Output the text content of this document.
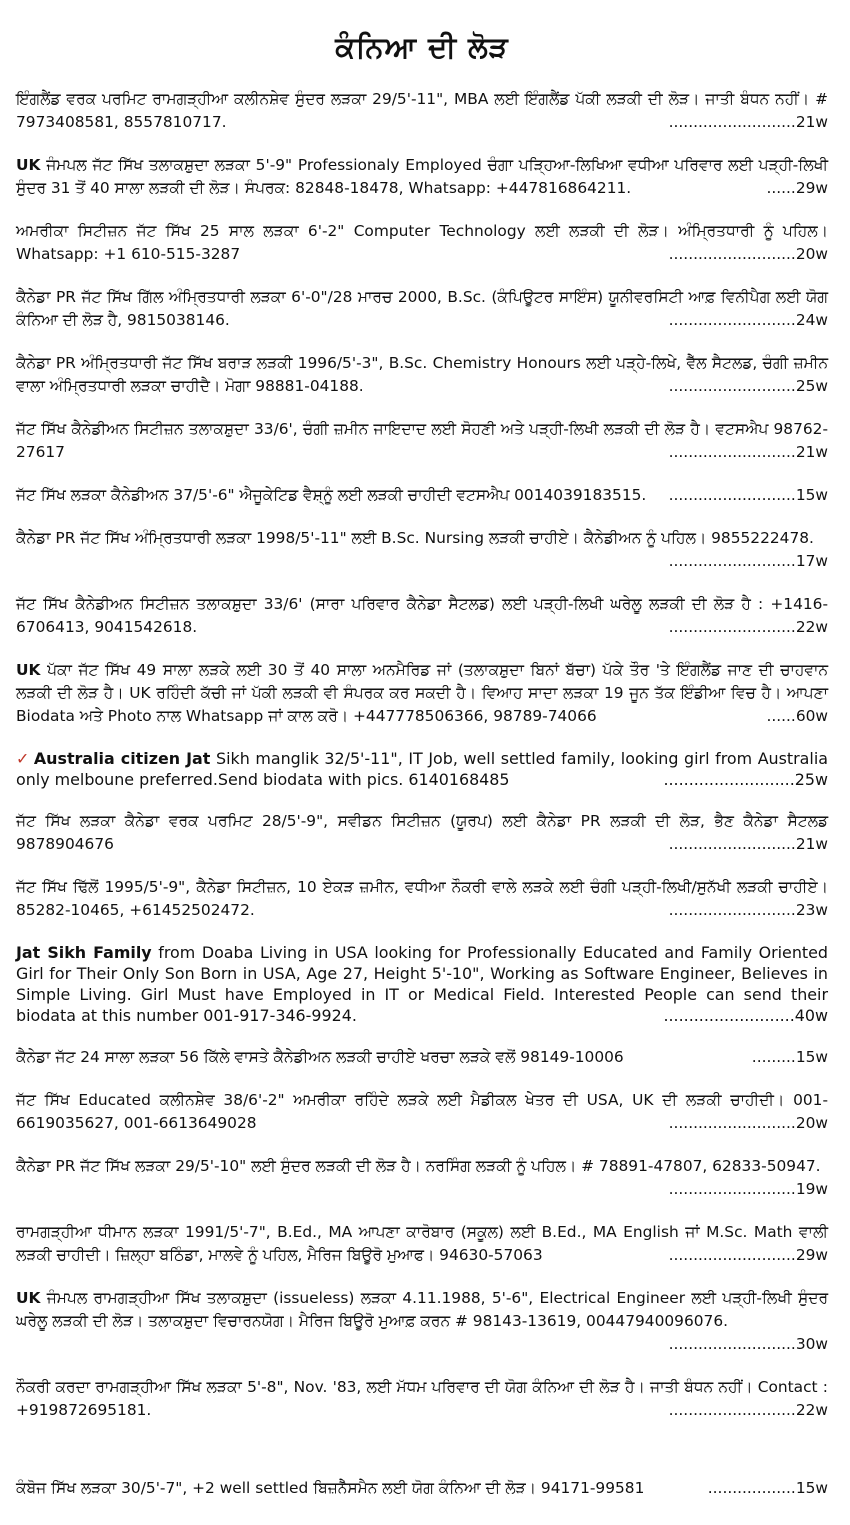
ਕੰਨਿਆ ਦੀ ਲੋੜ
ਇੰਗਲੈਂਡ ਵਰਕ ਪਰਮਿਟ ਰਾਮਗੜ੍ਹੀਆ ਕਲੀਨਸ਼ੇਵ ਸੁੰਦਰ ਲੜਕਾ 29/5'-11", MBA ਲਈ ਇੰਗਲੈਂਡ ਪੱਕੀ ਲੜਕੀ ਦੀ ਲੋੜ। ਜਾਤੀ ਬੰਧਨ ਨਹੀਂ। # 7973408581, 8557810717.	..........................21w
UK ਜੰਮਪਲ ਜੱਟ ਸਿੱਖ ਤਲਾਕਸ਼ੁਦਾ ਲੜਕਾ 5'-9" Professionaly Employed ਚੰਗਾ ਪੜ੍ਹਿਆ-ਲਿਖਿਆ ਵਧੀਆ ਪਰਿਵਾਰ ਲਈ ਪੜ੍ਹੀ-ਲਿਖੀ ਸੁੰਦਰ 31 ਤੋਂ 40 ਸਾਲਾ ਲੜਕੀ ਦੀ ਲੋੜ। ਸੰਪਰਕ: 82848-18478, Whatsapp: +447816864211.	......29w
ਅਮਰੀਕਾ ਸਿਟੀਜ਼ਨ ਜੱਟ ਸਿੱਖ 25 ਸਾਲ ਲੜਕਾ 6'-2" Computer Technology ਲਈ ਲੜਕੀ ਦੀ ਲੋੜ। ਅੰਮ੍ਰਿਤਧਾਰੀ ਨੂੰ ਪਹਿਲ। Whatsapp: +1 610-515-3287	..........................20w
ਕੈਨੇਡਾ PR ਜੱਟ ਸਿੱਖ ਗਿੱਲ ਅੰਮ੍ਰਿਤਧਾਰੀ ਲੜਕਾ 6'-0"/28 ਮਾਰਚ 2000, B.Sc. (ਕੰਪਿਊਟਰ ਸਾਇੰਸ) ਯੂਨੀਵਰਸਿਟੀ ਆਫ਼ ਵਿਨੀਪੈਗ ਲਈ ਯੋਗ ਕੰਨਿਆ ਦੀ ਲੋੜ ਹੈ, 9815038146.	..........................24w
ਕੈਨੇਡਾ PR ਅੰਮ੍ਰਿਤਧਾਰੀ ਜੱਟ ਸਿੱਖ ਬਰਾੜ ਲੜਕੀ 1996/5'-3", B.Sc. Chemistry Honours ਲਈ ਪੜ੍ਹੇ-ਲਿਖੇ, ਵੈੱਲ ਸੈਟਲਡ, ਚੰਗੀ ਜ਼ਮੀਨ ਵਾਲਾ ਅੰਮ੍ਰਿਤਧਾਰੀ ਲੜਕਾ ਚਾਹੀਦੈ। ਮੋਗਾ 98881-04188.	..........................25w
ਜੱਟ ਸਿੱਖ ਕੈਨੇਡੀਅਨ ਸਿਟੀਜ਼ਨ ਤਲਾਕਸ਼ੁਦਾ 33/6', ਚੰਗੀ ਜ਼ਮੀਨ ਜਾਇਦਾਦ ਲਈ ਸੋਹਣੀ ਅਤੇ ਪੜ੍ਹੀ-ਲਿਖੀ ਲੜਕੀ ਦੀ ਲੋੜ ਹੈ। ਵਟਸਐਪ 98762-27617	..........................21w
ਜੱਟ ਸਿੱਖ ਲੜਕਾ ਕੈਨੇਡੀਅਨ 37/5'-6" ਐਜੂਕੇਟਿਡ ਵੈਸ਼੍ਨੂੰ ਲਈ ਲੜਕੀ ਚਾਹੀਦੀ ਵਟਸਐਪ 0014039183515. ..........................15w
ਕੈਨੇਡਾ PR ਜੱਟ ਸਿੱਖ ਅੰਮ੍ਰਿਤਧਾਰੀ ਲੜਕਾ 1998/5'-11" ਲਈ B.Sc. Nursing ਲੜਕੀ ਚਾਹੀਏ। ਕੈਨੇਡੀਅਨ ਨੂੰ ਪਹਿਲ। 9855222478.
..........................17w
ਜੱਟ ਸਿੱਖ ਕੈਨੇਡੀਅਨ ਸਿਟੀਜ਼ਨ ਤਲਾਕਸ਼ੁਦਾ 33/6' (ਸਾਰਾ ਪਰਿਵਾਰ ਕੈਨੇਡਾ ਸੈਟਲਡ) ਲਈ ਪੜ੍ਹੀ-ਲਿਖੀ ਘਰੇਲੂ ਲੜਕੀ ਦੀ ਲੋੜ ਹੈ : +1416-6706413, 9041542618.	..........................22w
UK ਪੱਕਾ ਜੱਟ ਸਿੱਖ 49 ਸਾਲਾ ਲੜਕੇ ਲਈ 30 ਤੋਂ 40 ਸਾਲਾ ਅਨਮੈਰਿਡ ਜਾਂ (ਤਲਾਕਸ਼ੁਦਾ ਬਿਨਾਂ ਬੱਚਾ) ਪੱਕੇ ਤੌਰ 'ਤੇ ਇੰਗਲੈਂਡ ਜਾਣ ਦੀ ਚਾਹਵਾਨ ਲੜਕੀ ਦੀ ਲੋੜ ਹੈ। UK ਰਹਿੰਦੀ ਕੱਚੀ ਜਾਂ ਪੱਕੀ ਲੜਕੀ ਵੀ ਸੰਪਰਕ ਕਰ ਸਕਦੀ ਹੈ। ਵਿਆਹ ਸਾਦਾ ਲੜਕਾ 19 ਜੂਨ ਤੱਕ ਇੰਡੀਆ ਵਿਚ ਹੈ। ਆਪਣਾ Biodata ਅਤੇ Photo ਨਾਲ Whatsapp ਜਾਂ ਕਾਲ ਕਰੋ। +447778506366, 98789-74066	......60w
✓ Australia citizen Jat Sikh manglik 32/5'-11", IT Job, well settled family, looking girl from Australia only melboune preferred.Send biodata with pics. 6140168485	..........................25w
ਜੱਟ ਸਿੱਖ ਲੜਕਾ ਕੈਨੇਡਾ ਵਰਕ ਪਰਮਿਟ 28/5'-9", ਸਵੀਡਨ ਸਿਟੀਜ਼ਨ (ਯੂਰਪ) ਲਈ ਕੈਨੇਡਾ PR ਲੜਕੀ ਦੀ ਲੋੜ, ਭੈਣ ਕੈਨੇਡਾ ਸੈਟਲਡ 9878904676	..........................21w
ਜੱਟ ਸਿੱਖ ਢਿੱਲੋਂ 1995/5'-9", ਕੈਨੇਡਾ ਸਿਟੀਜ਼ਨ, 10 ਏਕੜ ਜ਼ਮੀਨ, ਵਧੀਆ ਨੌਕਰੀ ਵਾਲੇ ਲੜਕੇ ਲਈ ਚੰਗੀ ਪੜ੍ਹੀ-ਲਿਖੀ/ਸੁਨੱਖੀ ਲੜਕੀ ਚਾਹੀਏ। 85282-10465, +61452502472.	..........................23w
Jat Sikh Family from Doaba Living in USA looking for Professionally Educated and Family Oriented Girl for Their Only Son Born in USA, Age 27, Height 5'-10", Working as Software Engineer, Believes in Simple Living. Girl Must have Employed in IT or Medical Field. Interested People can send their biodata at this number 001-917-346-9924.	..........................40w
ਕੈਨੇਡਾ ਜੱਟ 24 ਸਾਲਾ ਲੜਕਾ 56 ਕਿੱਲੇ ਵਾਸਤੇ ਕੈਨੇਡੀਅਨ ਲੜਕੀ ਚਾਹੀਏ ਖਰਚਾ ਲੜਕੇ ਵਲੋਂ 98149-10006	.........15w
ਜੱਟ ਸਿੱਖ Educated ਕਲੀਨਸ਼ੇਵ 38/6'-2" ਅਮਰੀਕਾ ਰਹਿੰਦੇ ਲੜਕੇ ਲਈ ਮੈਡੀਕਲ ਖੇਤਰ ਦੀ USA, UK ਦੀ ਲੜਕੀ ਚਾਹੀਦੀ। 001-6619035627, 001-6613649028	..........................20w
ਕੈਨੇਡਾ PR ਜੱਟ ਸਿੱਖ ਲੜਕਾ 29/5'-10" ਲਈ ਸੁੰਦਰ ਲੜਕੀ ਦੀ ਲੋੜ ਹੈ। ਨਰਸਿੰਗ ਲੜਕੀ ਨੂੰ ਪਹਿਲ। # 78891-47807, 62833-50947.
..........................19w
ਰਾਮਗੜ੍ਹੀਆ ਧੀਮਾਨ ਲੜਕਾ 1991/5'-7", B.Ed., MA ਆਪਣਾ ਕਾਰੋਬਾਰ (ਸਕੂਲ) ਲਈ B.Ed., MA English ਜਾਂ M.Sc. Math ਵਾਲੀ ਲੜਕੀ ਚਾਹੀਦੀ। ਜ਼ਿਲ੍ਹਾ ਬਠਿੰਡਾ, ਮਾਲਵੇ ਨੂੰ ਪਹਿਲ, ਮੈਰਿਜ ਬਿਊਰੋ ਮੁਆਫ। 94630-57063	..........................29w
UK ਜੰਮਪਲ ਰਾਮਗੜ੍ਹੀਆ ਸਿੱਖ ਤਲਾਕਸ਼ੁਦਾ (issueless) ਲੜਕਾ 4.11.1988, 5'-6", Electrical Engineer ਲਈ ਪੜ੍ਹੀ-ਲਿਖੀ ਸੁੰਦਰ ਘਰੇਲੂ ਲੜਕੀ ਦੀ ਲੋੜ। ਤਲਾਕਸ਼ੁਦਾ ਵਿਚਾਰਨਯੋਗ। ਮੈਰਿਜ ਬਿਊਰੋ ਮੁਆਫ਼ ਕਰਨ # 98143-13619, 00447940096076.
..........................30w
ਨੌਕਰੀ ਕਰਦਾ ਰਾਮਗੜ੍ਹੀਆ ਸਿੱਖ ਲੜਕਾ 5'-8", Nov. '83, ਲਈ ਮੱਧਮ ਪਰਿਵਾਰ ਦੀ ਯੋਗ ਕੰਨਿਆ ਦੀ ਲੋੜ ਹੈ। ਜਾਤੀ ਬੰਧਨ ਨਹੀਂ। Contact : +919872695181.	..........................22w
ਕੰਬੋਜ ਸਿੱਖ ਲੜਕਾ 30/5'-7", +2 well settled ਬਿਜ਼ਨੈੱਸਮੈਨ ਲਈ ਯੋਗ ਕੰਨਿਆ ਦੀ ਲੋੜ। 94171-99581	..................15w
